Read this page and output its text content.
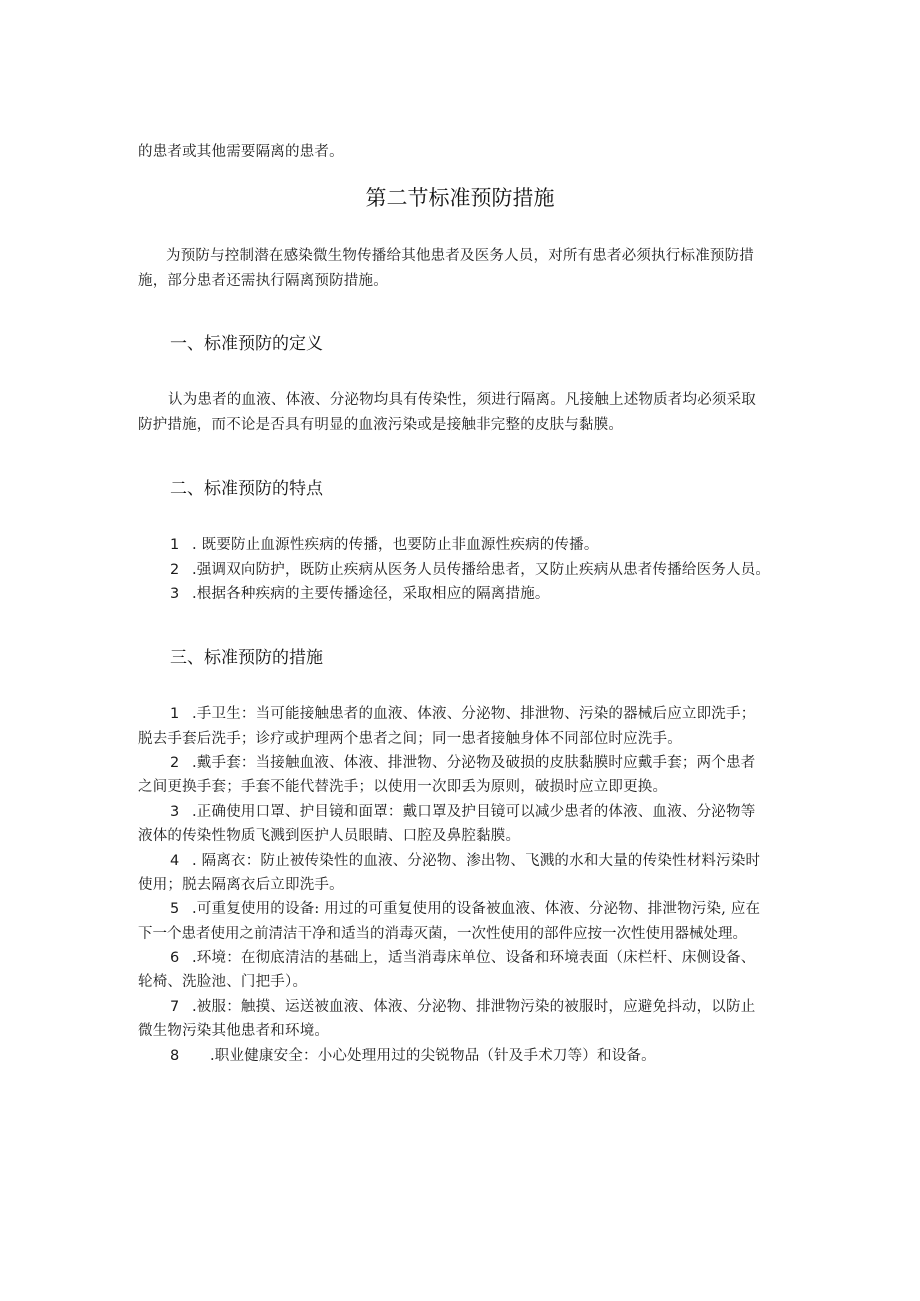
的患者或其他需要隔离的患者。
第二节标准预防措施
为预防与控制潜在感染微生物传播给其他患者及医务人员，对所有患者必须执行标准预防措
施，部分患者还需执行隔离预防措施。
一、标准预防的定义
认为患者的血液、体液、分泌物均具有传染性，须进行隔离。凡接触上述物质者均必须采取
防护措施，而不论是否具有明显的血液污染或是接触非完整的皮肤与黏膜。
二、标准预防的特点
1 . 既要防止血源性疾病的传播，也要防止非血源性疾病的传播。
2 .强调双向防护，既防止疾病从医务人员传播给患者，又防止疾病从患者传播给医务人员。
3 .根据各种疾病的主要传播途径，采取相应的隔离措施。
三、标准预防的措施
1 .手卫生：当可能接触患者的血液、体液、分泌物、排泄物、污染的器械后应立即洗手；
脱去手套后洗手；诊疗或护理两个患者之间；同一患者接触身体不同部位时应洗手。
2 .戴手套：当接触血液、体液、排泄物、分泌物及破损的皮肤黏膜时应戴手套；两个患者
之间更换手套；手套不能代替洗手；以使用一次即丢为原则，破损时应立即更换。
3 .正确使用口罩、护目镜和面罩：戴口罩及护目镜可以减少患者的体液、血液、分泌物等
液体的传染性物质飞溅到医护人员眼睛、口腔及鼻腔黏膜。
4 . 隔离衣：防止被传染性的血液、分泌物、渗出物、飞溅的水和大量的传染性材料污染时
使用；脱去隔离衣后立即洗手。
5 .可重复使用的设备: 用过的可重复使用的设备被血液、体液、分泌物、排泄物污染, 应在
下一个患者使用之前清洁干净和适当的消毒灭菌，一次性使用的部件应按一次性使用器械处理。
6 .环境：在彻底清洁的基础上，适当消毒床单位、设备和环境表面（床栏杆、床侧设备、
轮椅、洗脸池、门把手）。
7 .被服：触摸、运送被血液、体液、分泌物、排泄物污染的被服时，应避免抖动，以防止
微生物污染其他患者和环境。
8 .职业健康安全：小心处理用过的尖锐物品（针及手术刀等）和设备。
